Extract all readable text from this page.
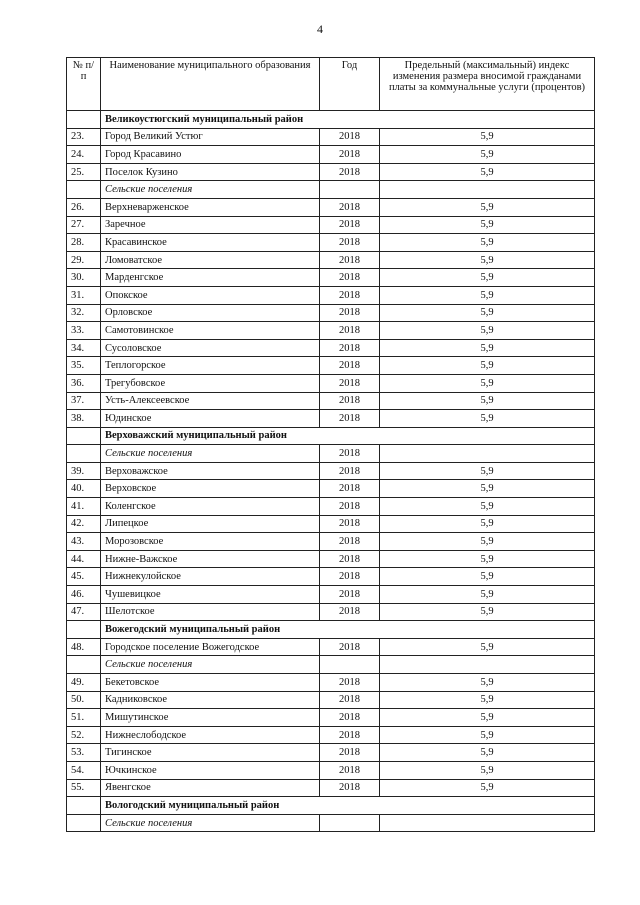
4
№ п/п	Наименование муниципального образования	Год	Предельный (максимальный) индекс изменения размера вносимой гражданами платы за коммунальные услуги (процентов)
	Великоустюгский муниципальный район		
23.	Город Великий Устюг	2018	5,9
24.	Город Красавино	2018	5,9
25.	Поселок Кузино	2018	5,9
	Сельские поселения		
26.	Верхневарженское	2018	5,9
27.	Заречное	2018	5,9
28.	Красавинское	2018	5,9
29.	Ломоватское	2018	5,9
30.	Марденгское	2018	5,9
31.	Опокское	2018	5,9
32.	Орловское	2018	5,9
33.	Самотовинское	2018	5,9
34.	Сусоловское	2018	5,9
35.	Теплогорское	2018	5,9
36.	Трегубовское	2018	5,9
37.	Усть-Алексеевское	2018	5,9
38.	Юдинское	2018	5,9
	Верховажский муниципальный район		
	Сельские поселения	2018	
39.	Верховажское	2018	5,9
40.	Верховское	2018	5,9
41.	Коленгское	2018	5,9
42.	Липецкое	2018	5,9
43.	Морозовское	2018	5,9
44.	Нижне-Важское	2018	5,9
45.	Нижнекулойское	2018	5,9
46.	Чушевицкое	2018	5,9
47.	Шелотское	2018	5,9
	Вожегодский муниципальный район		
48.	Городское поселение Вожегодское	2018	5,9
	Сельские поселения		
49.	Бекетовское	2018	5,9
50.	Кадниковское	2018	5,9
51.	Мишутинское	2018	5,9
52.	Нижнеслободское	2018	5,9
53.	Тигинское	2018	5,9
54.	Ючкинское	2018	5,9
55.	Явенгское	2018	5,9
	Вологодский муниципальный район		
	Сельские поселения		
